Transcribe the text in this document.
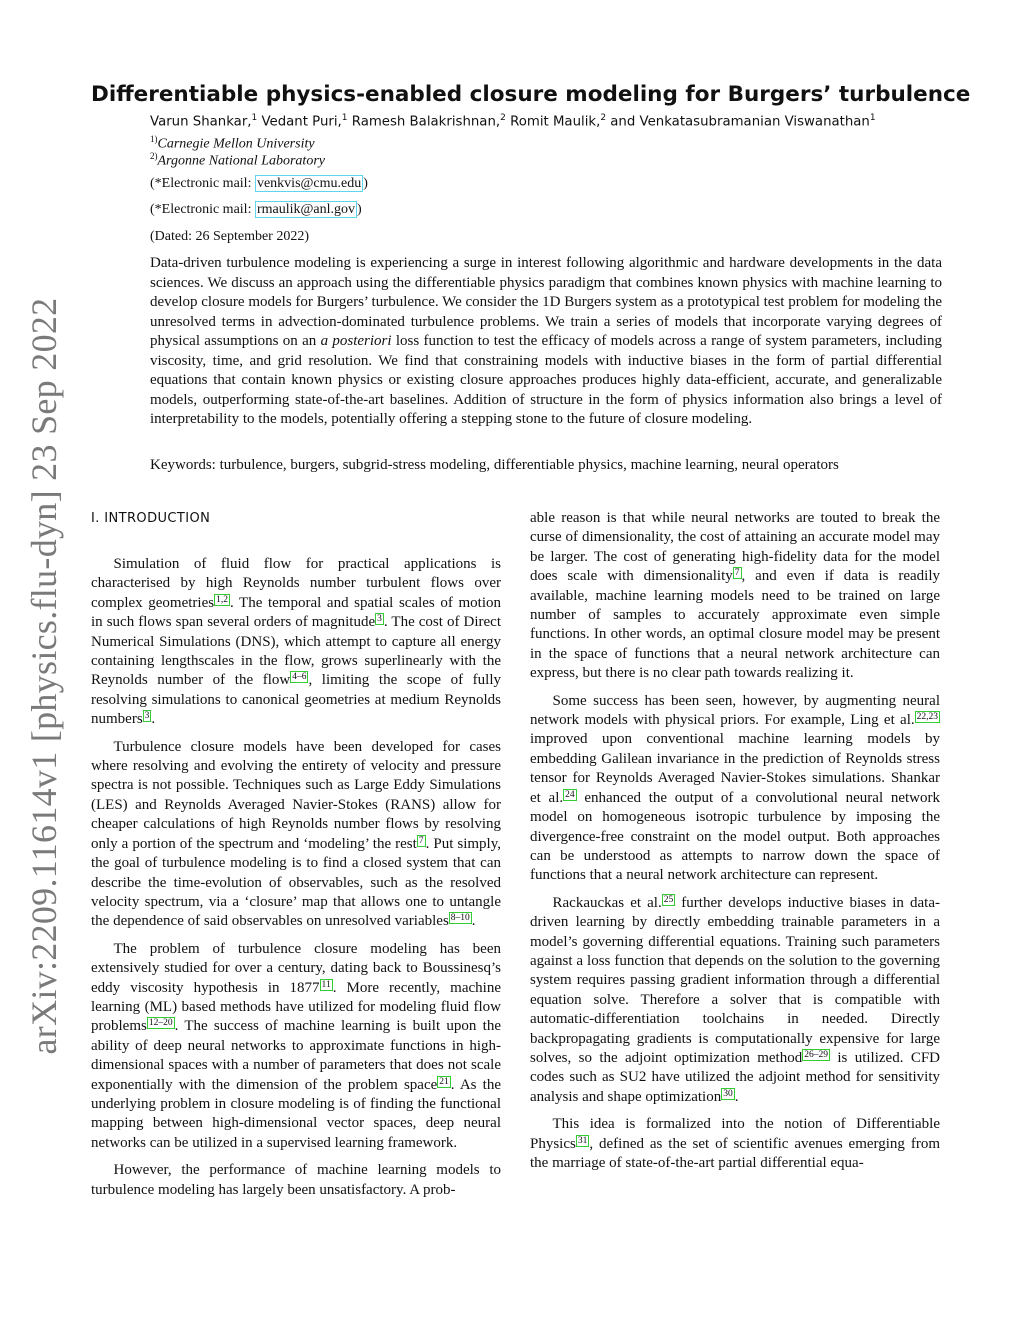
arXiv:2209.11614v1 [physics.flu-dyn] 23 Sep 2022
Differentiable physics-enabled closure modeling for Burgers’ turbulence

Varun Shankar,$^1$ Vedant Puri,$^1$ Ramesh Balakrishnan,$^2$ Romit Maulik,$^2$ and Venkatasubramanian Viswanathan$^1$

$^{1)}$Carnegie Mellon University

$^{2)}$Argonne National Laboratory

(*Electronic mail: venkvis@cmu.edu )

(*Electronic mail: rmaulik@anl.gov )

(Dated: 26 September 2022)

Data-driven turbulence modeling is experiencing a surge in interest following algorithmic and hardware developments in the data sciences. We discuss an approach using the differentiable physics paradigm that combines known physics with machine learning to develop closure models for Burgers’ turbulence. We consider the 1D Burgers system as a prototypical test problem for modeling the unresolved terms in advection-dominated turbulence problems. We train a series of models that incorporate varying degrees of physical assumptions on an a posteriori loss function to test the efficacy of models across a range of system parameters, including viscosity, time, and grid resolution. We find that constraining models with inductive biases in the form of partial differential equations that contain known physics or existing closure approaches produces highly data-efficient, accurate, and generalizable models, outperforming state-of-the-art baselines. Addition of structure in the form of physics information also brings a level of interpretability to the models, potentially offering a stepping stone to the future of closure modeling.

Keywords: turbulence, burgers, subgrid-stress modeling, differentiable physics, machine learning, neural operators

I. INTRODUCTION

Simulation of fluid flow for practical applications is characterised by high Reynolds number turbulent flows over complex geometries $^{1,2}$ . The temporal and spatial scales of motion in such flows span several orders of magnitude $^3$ . The cost of Direct Numerical Simulations (DNS), which attempt to capture all energy containing lengthscales in the flow, grows superlinearly with the Reynolds number of the flow $^{4-6}$ , limiting the scope of fully resolving simulations to canonical geometries at medium Reynolds numbers $^3$ .

Turbulence closure models have been developed for cases where resolving and evolving the entirety of velocity and pressure spectra is not possible. Techniques such as Large Eddy Simulations (LES) and Reynolds Averaged Navier-Stokes (RANS) allow for cheaper calculations of high Reynolds number flows by resolving only a portion of the spectrum and ‘modeling’ the rest $^7$ . Put simply, the goal of turbulence modeling is to find a closed system that can describe the time-evolution of observables, such as the resolved velocity spectrum, via a ‘closure’ map that allows one to untangle the dependence of said observables on unresolved variables $^{8-10}$ .

The problem of turbulence closure modeling has been extensively studied for over a century, dating back to Boussinesq’s eddy viscosity hypothesis in 1877 $^{11}$ . More recently, machine learning (ML) based methods have utilized for modeling fluid flow problems $^{12-20}$ . The success of machine learning is built upon the ability of deep neural networks to approximate functions in high-dimensional spaces with a number of parameters that does not scale exponentially with the dimension of the problem space $^{21}$ . As the underlying problem in closure modeling is of finding the functional mapping between high-dimensional vector spaces, deep neural networks can be utilized in a supervised learning framework.

However, the performance of machine learning models to turbulence modeling has largely been unsatisfactory. A prob-

able reason is that while neural networks are touted to break the curse of dimensionality, the cost of attaining an accurate model may be larger. The cost of generating high-fidelity data for the model does scale with dimensionality $^7$ , and even if data is readily available, machine learning models need to be trained on large number of samples to accurately approximate even simple functions. In other words, an optimal closure model may be present in the space of functions that a neural network architecture can express, but there is no clear path towards realizing it.

Some success has been seen, however, by augmenting neural network models with physical priors. For example, Ling et al. $^{22,23}$ improved upon conventional machine learning models by embedding Galilean invariance in the prediction of Reynolds stress tensor for Reynolds Averaged Navier-Stokes simulations. Shankar et al. $^{24}$ enhanced the output of a convolutional neural network model on homogeneous isotropic turbulence by imposing the divergence-free constraint on the model output. Both approaches can be understood as attempts to narrow down the space of functions that a neural network architecture can represent.

Rackauckas et al. $^{25}$ further develops inductive biases in data-driven learning by directly embedding trainable parameters in a model’s governing differential equations. Training such parameters against a loss function that depends on the solution to the governing system requires passing gradient information through a differential equation solve. Therefore a solver that is compatible with automatic-differentiation toolchains in needed. Directly backpropagating gradients is computationally expensive for large solves, so the adjoint optimization method $^{26-29}$ is utilized. CFD codes such as SU2 have utilized the adjoint method for sensitivity analysis and shape optimization $^{30}$ .

This idea is formalized into the notion of Differentiable Physics $^{31}$ , defined as the set of scientific avenues emerging from the marriage of state-of-the-art partial differential equa-
